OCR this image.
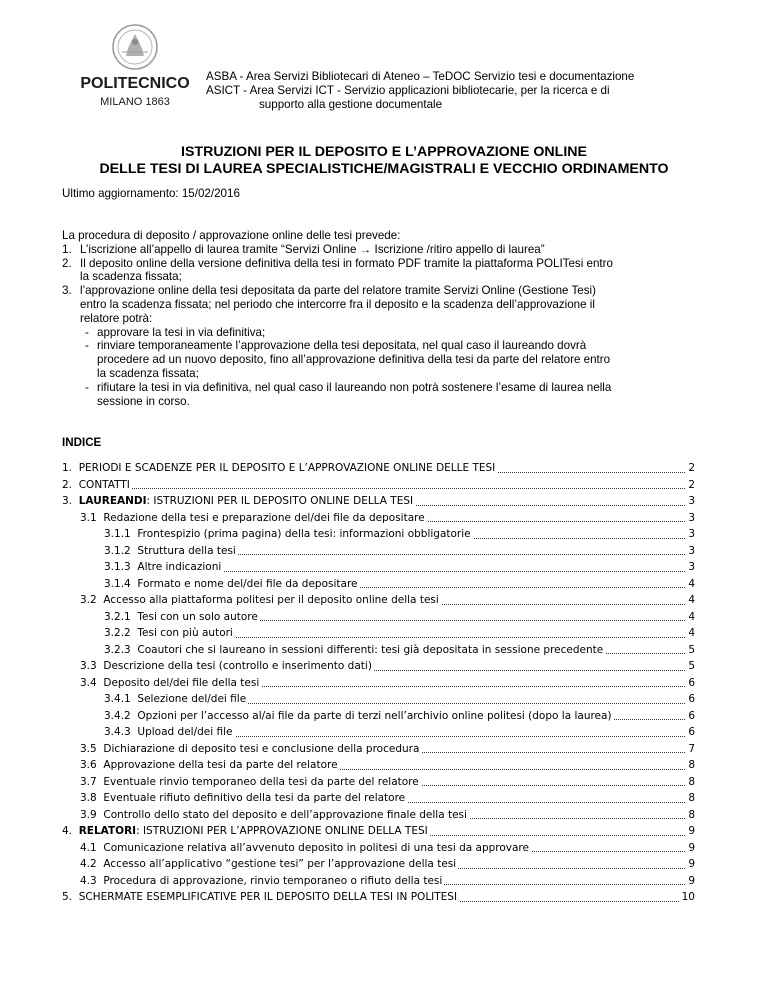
POLITECNICO
MILANO 1863
ASBA - Area Servizi Bibliotecari di Ateneo – TeDOC Servizio tesi e documentazione
ASICT - Area Servizi ICT - Servizio applicazioni bibliotecarie, per la ricerca e di
supporto alla gestione documentale
ISTRUZIONI PER IL DEPOSITO E L’APPROVAZIONE ONLINE
DELLE TESI DI LAUREA SPECIALISTICHE/MAGISTRALI E VECCHIO ORDINAMENTO
Ultimo aggiornamento: 15/02/2016
La procedura di deposito / approvazione online delle tesi prevede:
1. L’iscrizione all’appello di laurea tramite “Servizi Online → Iscrizione /ritiro appello di laurea”
2. Il deposito online della versione definitiva della tesi in formato PDF tramite la piattaforma POLITesi entro
la scadenza fissata;
3. l’approvazione online della tesi depositata da parte del relatore tramite Servizi Online (Gestione Tesi)
entro la scadenza fissata; nel periodo che intercorre fra il deposito e la scadenza dell’approvazione il
relatore potrà:
- approvare la tesi in via definitiva;
- rinviare temporaneamente l’approvazione della tesi depositata, nel qual caso il laureando dovrà
procedere ad un nuovo deposito, fino all’approvazione definitiva della tesi da parte del relatore entro
la scadenza fissata;
- rifiutare la tesi in via definitiva, nel qual caso il laureando non potrà sostenere l’esame di laurea nella
sessione in corso.
INDICE
1. PERIODI E SCADENZE PER IL DEPOSITO E L’APPROVAZIONE ONLINE DELLE TESI	2
2. CONTATTI	2
3. LAUREANDI: ISTRUZIONI PER IL DEPOSITO ONLINE DELLA TESI	3
3.1 Redazione della tesi e preparazione del/dei file da depositare	3
3.1.1 Frontespizio (prima pagina) della tesi: informazioni obbligatorie	3
3.1.2 Struttura della tesi	3
3.1.3 Altre indicazioni	3
3.1.4 Formato e nome del/dei file da depositare	4
3.2 Accesso alla piattaforma politesi per il deposito online della tesi	4
3.2.1 Tesi con un solo autore	4
3.2.2 Tesi con più autori	4
3.2.3 Coautori che si laureano in sessioni differenti: tesi già depositata in sessione precedente	5
3.3 Descrizione della tesi (controllo e inserimento dati)	5
3.4 Deposito del/dei file della tesi	6
3.4.1 Selezione del/dei file	6
3.4.2 Opzioni per l’accesso al/ai file da parte di terzi nell’archivio online politesi (dopo la laurea)	6
3.4.3 Upload del/dei file	6
3.5 Dichiarazione di deposito tesi e conclusione della procedura	7
3.6 Approvazione della tesi da parte del relatore	8
3.7 Eventuale rinvio temporaneo della tesi da parte del relatore	8
3.8 Eventuale rifiuto definitivo della tesi da parte del relatore	8
3.9 Controllo dello stato del deposito e dell’approvazione finale della tesi	8
4. RELATORI: ISTRUZIONI PER L’APPROVAZIONE ONLINE DELLA TESI	9
4.1 Comunicazione relativa all’avvenuto deposito in politesi di una tesi da approvare	9
4.2 Accesso all’applicativo “gestione tesi” per l’approvazione della tesi	9
4.3 Procedura di approvazione, rinvio temporaneo o rifiuto della tesi	9
5. SCHERMATE ESEMPLIFICATIVE PER IL DEPOSITO DELLA TESI IN POLITESI	10
